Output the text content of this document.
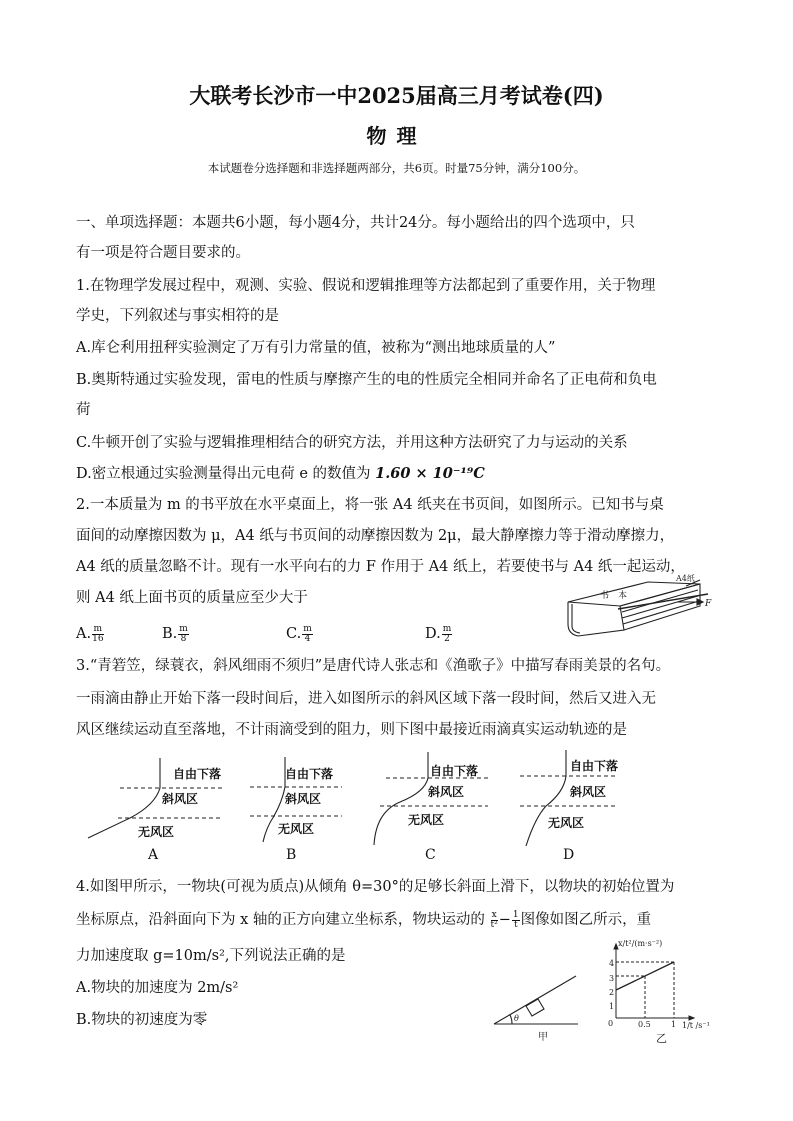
大联考长沙市一中2025届高三月考试卷(四)
物理
本试题卷分选择题和非选择题两部分，共6页。时量75分钟，满分100分。
一、单项选择题：本题共6小题，每小题4分，共计24分。每小题给出的四个选项中，只
有一项是符合题目要求的。
1.在物理学发展过程中，观测、实验、假说和逻辑推理等方法都起到了重要作用，关于物理
学史，下列叙述与事实相符的是
A.库仑利用扭秤实验测定了万有引力常量的值，被称为“测出地球质量的人”
B.奥斯特通过实验发现，雷电的性质与摩擦产生的电的性质完全相同并命名了正电荷和负电
荷
C.牛顿开创了实验与逻辑推理相结合的研究方法，并用这种方法研究了力与运动的关系
D.密立根通过实验测量得出元电荷 e 的数值为 1.60 × 10⁻¹⁹C
2.一本质量为 m 的书平放在水平桌面上，将一张 A4 纸夹在书页间，如图所示。已知书与桌
面间的动摩擦因数为 μ，A4 纸与书页间的动摩擦因数为 2μ，最大静摩擦力等于滑动摩擦力，
A4 纸的质量忽略不计。现有一水平向右的力 F 作用于 A4 纸上，若要使书与 A4 纸一起运动，
则 A4 纸上面书页的质量应至少大于
A. $\frac{m}{16}$	B. $\frac{m}{8}$	C. $\frac{m}{4}$	D. $\frac{m}{2}$
书　本
A4纸
F
3.“青箬笠，绿蓑衣，斜风细雨不须归”是唐代诗人张志和《渔歌子》中描写春雨美景的名句。
一雨滴由静止开始下落一段时间后，进入如图所示的斜风区域下落一段时间，然后又进入无
风区继续运动直至落地，不计雨滴受到的阻力，则下图中最接近雨滴真实运动轨迹的是
自由下落
斜风区
无风区
自由下落
斜风区
无风区
自由下落
斜风区
无风区
自由下落
斜风区
无风区
A	B	C	D
4.如图甲所示，一物块(可视为质点)从倾角 θ=30°的足够长斜面上滑下，以物块的初始位置为
坐标原点，沿斜面向下为 x 轴的正方向建立坐标系，物块运动的 $\frac{x}{\text{t²}} - \frac{1}{t}$ 图像如图乙所示，重
力加速度取 g=10m/s²,下列说法正确的是
A.物块的加速度为 2m/s²
B.物块的初速度为零	θ
甲
x/t²/(m·s⁻²)
1
2
3
4
0	0.5	1 1/t /s⁻¹
乙
